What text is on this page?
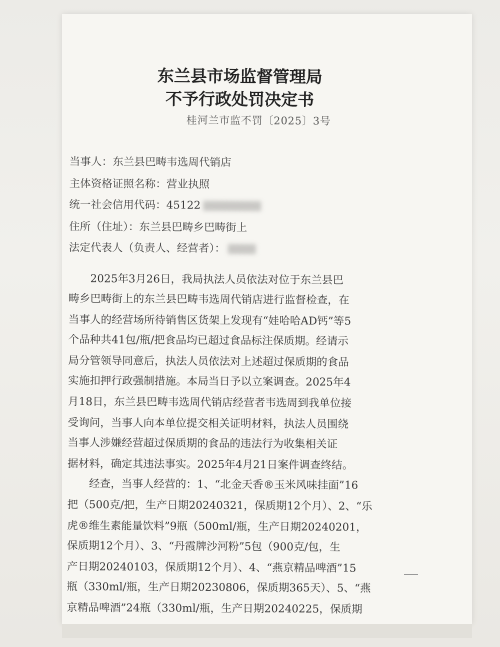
东兰县市场监督管理局
不予行政处罚决定书
桂河兰市监不罚〔2025〕3号
当事人：东兰县巴畴韦选周代销店
主体资格证照名称：营业执照
统一社会信用代码：45122
住所（住址）：东兰县巴畴乡巴畴街上
法定代表人（负责人、经营者）：
2025年3月26日，我局执法人员依法对位于东兰县巴
畴乡巴畴街上的东兰县巴畴韦选周代销店进行监督检查，在
当事人的经营场所待销售区货架上发现有“娃哈哈AD钙”等5
个品种共41包/瓶/把食品均已超过食品标注保质期。经请示
局分管领导同意后，执法人员依法对上述超过保质期的食品
实施扣押行政强制措施。本局当日予以立案调查。2025年4
月18日，东兰县巴畴韦选周代销店经营者韦选周到我单位接
受询问，当事人向本单位提交相关证明材料，执法人员围绕
当事人涉嫌经营超过保质期的食品的违法行为收集相关证
据材料，确定其违法事实。2025年4月21日案件调查终结。
经查，当事人经营的：1、“北金天香®玉米风味挂面”16
把（500克/把，生产日期20240321，保质期12个月）、2、“乐
虎®维生素能量饮料”9瓶（500ml/瓶，生产日期20240201，
保质期12个月）、3、“丹霞牌沙河粉”5包（900克/包，生
产日期20240103，保质期12个月）、4、“燕京精品啤酒”15
瓶（330ml/瓶，生产日期20230806，保质期365天）、5、“燕
京精品啤酒”24瓶（330ml/瓶，生产日期20240225，保质期
